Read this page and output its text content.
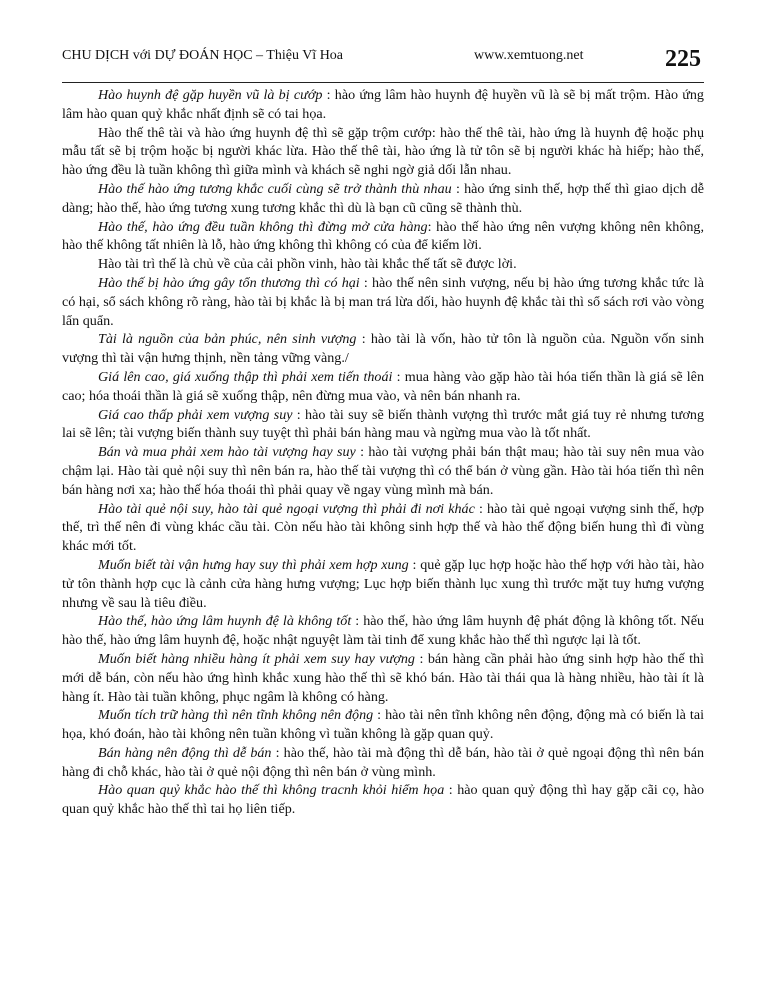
CHU DỊCH với DỰ ĐOÁN HỌC – Thiệu Vĩ Hoa	www.xemtuong.net	225

Hào huynh đệ gặp huyền vũ là bị cướp : hào ứng lâm hào huynh đệ huyền vũ là sẽ bị mất trộm. Hào ứng lâm hào quan quỷ khắc nhất định sẽ có tai họa.

Hào thế thê tài và hào ứng huynh đệ thì sẽ gặp trộm cướp: hào thế thê tài, hào ứng là huynh đệ hoặc phụ mẫu tất sẽ bị trộm hoặc bị người khác lừa. Hào thế thê tài, hào ứng là tử tôn sẽ bị người khác hà hiếp; hào thế, hào ứng đều là tuần không thì giữa mình và khách sẽ nghi ngờ giả dối lẫn nhau.

Hào thế hào ứng tương khắc cuối cùng sẽ trở thành thù nhau : hào ứng sinh thế, hợp thế thì giao dịch dễ dàng; hào thế, hào ứng tương xung tương khắc thì dù là bạn cũ cũng sẽ thành thù.

Hào thế, hào ứng đều tuần không thì đừng mở cửa hàng: hào thế hào ứng nên vượng không nên không, hào thế không tất nhiên là lỗ, hào ứng không thì không có của để kiếm lời.

Hào tài trì thế là chủ về của cải phồn vinh, hào tài khắc thế tất sẽ được lời.

Hào thế bị hào ứng gây tổn thương thì có hại : hào thế nên sinh vượng, nếu bị hào ứng tương khắc tức là có hại, sổ sách không rõ ràng, hào tài bị khắc là bị man trá lừa dối, hào huynh đệ khắc tài thì sổ sách rơi vào vòng lẩn quẩn.

Tài là nguồn của bản phúc, nên sinh vượng : hào tài là vốn, hào tử tôn là nguồn của. Nguồn vốn sinh vượng thì tài vận hưng thịnh, nền tảng vững vàng./

Giá lên cao, giá xuống thập thì phải xem tiến thoái : mua hàng vào gặp hào tài hóa tiến thần là giá sẽ lên cao; hóa thoái thần là giá sẽ xuống thập, nên đừng mua vào, và nên bán nhanh ra.

Giá cao thấp phải xem vượng suy : hào tài suy sẽ biến thành vượng thì trước mắt giá tuy rẻ nhưng tương lai sẽ lên; tài vượng biến thành suy tuyệt thì phải bán hàng mau và ngừng mua vào là tốt nhất.

Bán và mua phải xem hào tài vượng hay suy : hào tài vượng phải bán thật mau; hào tài suy nên mua vào chậm lại. Hào tài quẻ nội suy thì nên bán ra, hào thế tài vượng thì có thể bán ở vùng gần. Hào tài hóa tiến thì nên bán hàng nơi xa; hào thế hóa thoái thì phải quay về ngay vùng mình mà bán.

Hào tài quẻ nội suy, hào tài quẻ ngoại vượng thì phải đi nơi khác : hào tài quẻ ngoại vượng sinh thế, hợp thế, trì thế nên đi vùng khác cầu tài. Còn nếu hào tài không sinh hợp thế và hào thế động biến hung thì đi vùng khác mới tốt.

Muốn biết tài vận hưng hay suy thì phải xem hợp xung : quẻ gặp lục hợp hoặc hào thế hợp với hào tài, hào tử tôn thành hợp cục là cảnh cửa hàng hưng vượng; Lục hợp biến thành lục xung thì trước mặt tuy hưng vượng nhưng về sau là tiêu điều.

Hào thế, hào ứng lâm huynh đệ là không tốt : hào thế, hào ứng lâm huynh đệ phát động là không tốt. Nếu hào thế, hào ứng lâm huynh đệ, hoặc nhật nguyệt làm tài tinh để xung khắc hào thế thì ngược lại là tốt.

Muốn biết hàng nhiều hàng ít phải xem suy hay vượng : bán hàng cần phải hào ứng sinh hợp hào thế thì mới dễ bán, còn nếu hào ứng hình khắc xung hào thế thì sẽ khó bán. Hào tài thái qua là hàng nhiều, hào tài ít là hàng ít. Hào tài tuần không, phục ngâm là không có hàng.

Muốn tích trữ hàng thì nên tĩnh không nên động : hào tài nên tĩnh không nên động, động mà có biến là tai họa, khó đoán, hào tài không nên tuần không vì tuần không là gặp quan quỷ.

Bán hàng nên động thì dễ bán : hào thế, hào tài mà động thì dễ bán, hào tài ở quẻ ngoại động thì nên bán hàng đi chỗ khác, hào tài ở quẻ nội động thì nên bán ở vùng mình.

Hào quan quỷ khắc hào thế thì không tracnh khỏi hiểm họa : hào quan quỷ động thì hay gặp cãi cọ, hào quan quỷ khắc hào thế thì tai họ liên tiếp.
